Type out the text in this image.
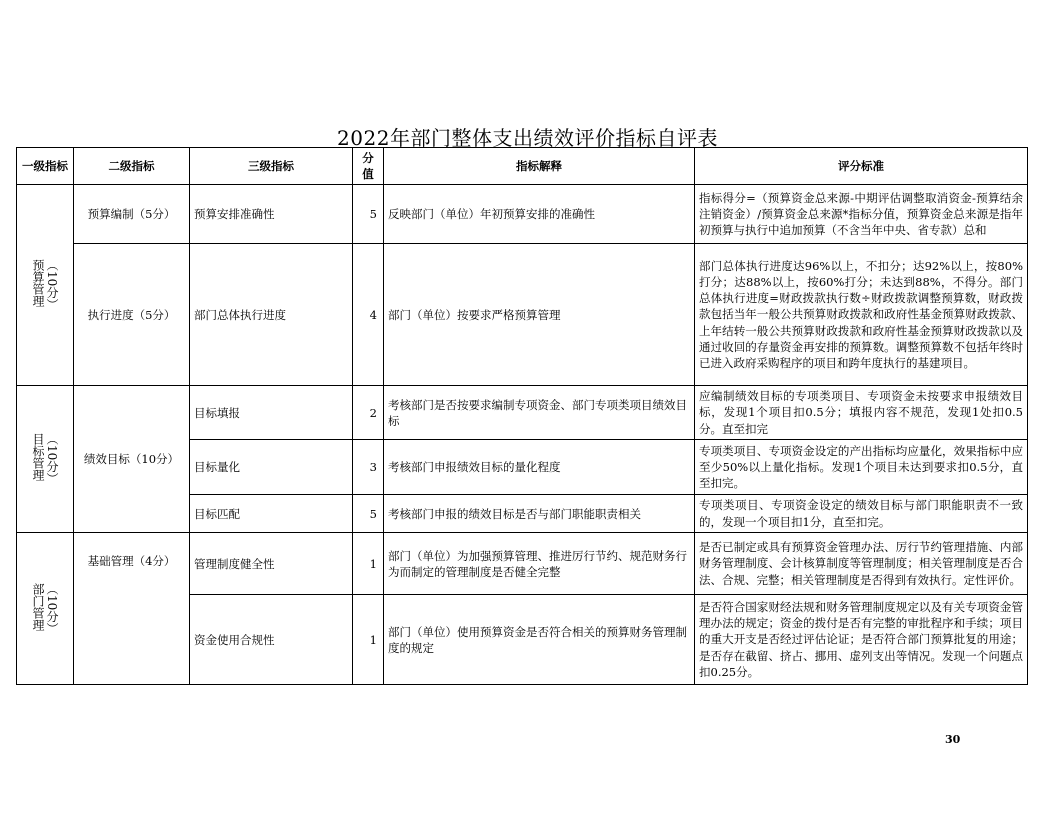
2022年部门整体支出绩效评价指标自评表
一级指标	二级指标	三级指标	分值	指标解释	评分标准

（10分）
预算管理	预算编制（5分）	预算安排准确性	5	反映部门（单位）年初预算安排的准确性	指标得分=（预算资金总来源-中期评估调整取消资金-预算结余注销资金）/预算资金总来源*指标分值，预算资金总来源是指年初预算与执行中追加预算（不含当年中央、省专款）总和
	执行进度（5分）	部门总体执行进度	4	部门（单位）按要求严格预算管理	部门总体执行进度达96%以上，不扣分；达92%以上，按80%打分；达88%以上，按60%打分；未达到88%，不得分。部门总体执行进度=财政拨款执行数÷财政拨款调整预算数，财政拨款包括当年一般公共预算财政拨款和政府性基金预算财政拨款、上年结转一般公共预算财政拨款和政府性基金预算财政拨款以及通过收回的存量资金再安排的预算数。调整预算数不包括年终时已进入政府采购程序的项目和跨年度执行的基建项目。

（10分）
目标管理	绩效目标（10分）	目标填报	2	考核部门是否按要求编制专项资金、部门专项类项目绩效目标	应编制绩效目标的专项类项目、专项资金未按要求申报绩效目标，发现1个项目扣0.5分；填报内容不规范，发现1处扣0.5分。直至扣完
		目标量化	3	考核部门申报绩效目标的量化程度	专项类项目、专项资金设定的产出指标均应量化，效果指标中应至少50%以上量化指标。发现1个项目未达到要求扣0.5分，直至扣完。
		目标匹配	5	考核部门申报的绩效目标是否与部门职能职责相关	专项类项目、专项资金设定的绩效目标与部门职能职责不一致的，发现一个项目扣1分，直至扣完。

（10分）
部门管理	基础管理（4分）	管理制度健全性	1	部门（单位）为加强预算管理、推进厉行节约、规范财务行为而制定的管理制度是否健全完整	是否已制定或具有预算资金管理办法、厉行节约管理措施、内部财务管理制度、会计核算制度等管理制度；相关管理制度是否合法、合规、完整；相关管理制度是否得到有效执行。定性评价。
		资金使用合规性	1	部门（单位）使用预算资金是否符合相关的预算财务管理制度的规定	是否符合国家财经法规和财务管理制度规定以及有关专项资金管理办法的规定；资金的拨付是否有完整的审批程序和手续；项目的重大开支是否经过评估论证；是否符合部门预算批复的用途；是否存在截留、挤占、挪用、虚列支出等情况。发现一个问题点扣0.25分。
30
